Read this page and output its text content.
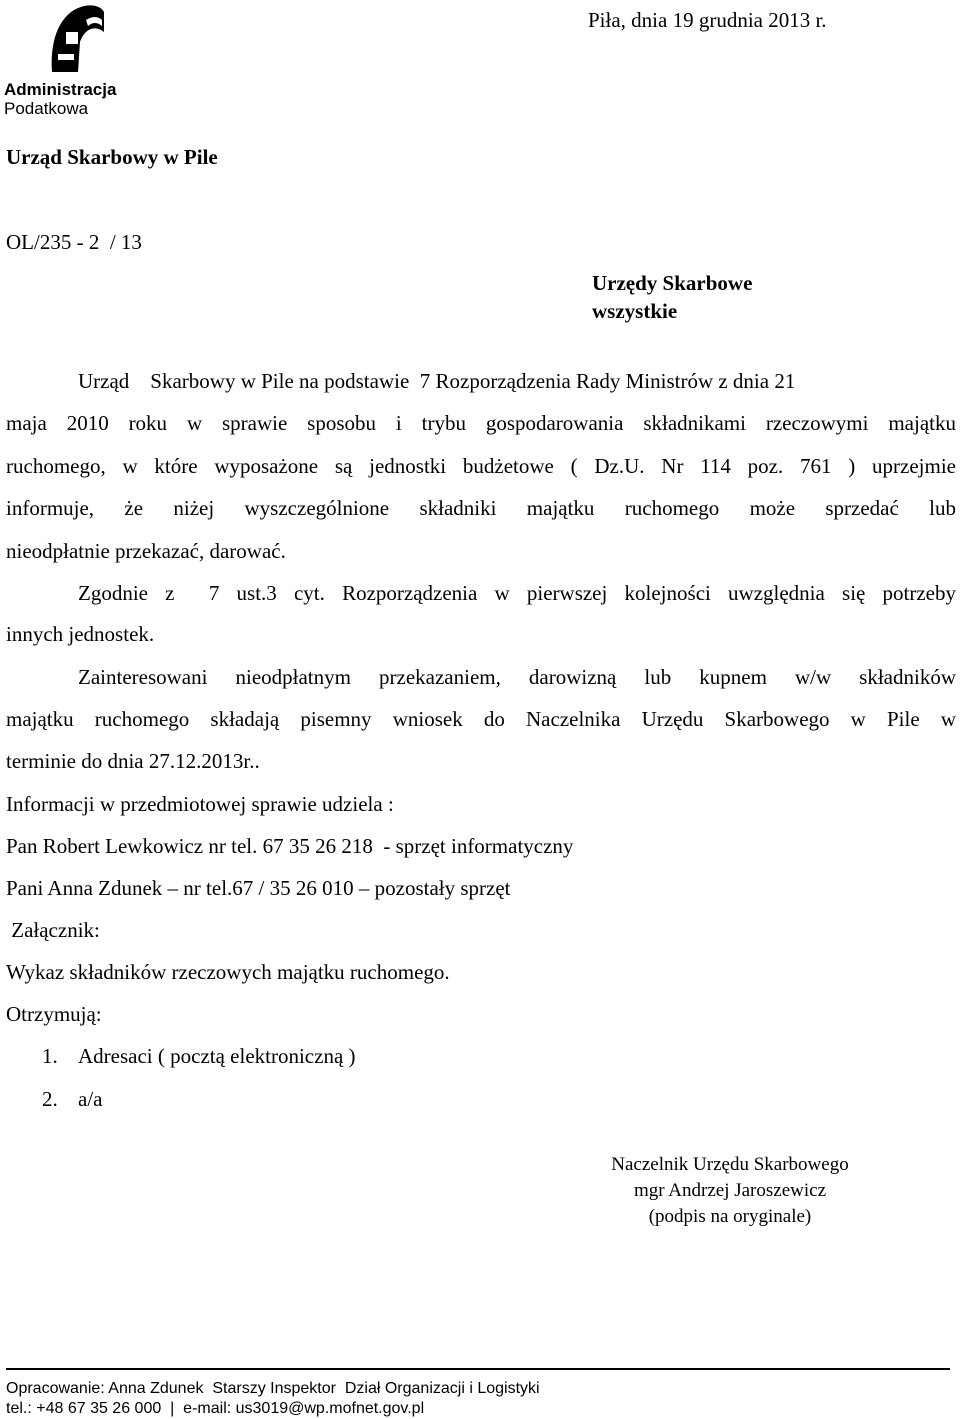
Administracja
Podatkowa
Piła, dnia 19 grudnia 2013 r.
Urząd Skarbowy w Pile
OL/235 - 2  / 13
Urzędy Skarbowe
wszystkie
Urząd    Skarbowy w Pile na podstawie  7 Rozporządzenia Rady Ministrów z dnia 21
maja 2010 roku w sprawie sposobu i trybu gospodarowania składnikami rzeczowymi majątku
ruchomego, w które wyposażone są jednostki budżetowe ( Dz.U. Nr 114 poz. 761 ) uprzejmie
informuje, że niżej wyszczególnione składniki majątku ruchomego może sprzedać lub
nieodpłatnie przekazać, darować.
Zgodnie z  7 ust.3 cyt. Rozporządzenia w pierwszej kolejności uwzględnia się potrzeby
innych jednostek.
Zainteresowani nieodpłatnym przekazaniem, darowizną lub kupnem w/w składników
majątku ruchomego składają pisemny wniosek do Naczelnika Urzędu Skarbowego w Pile w
terminie do dnia 27.12.2013r..
Informacji w przedmiotowej sprawie udziela :
Pan Robert Lewkowicz nr tel. 67 35 26 218  - sprzęt informatyczny
Pani Anna Zdunek – nr tel.67 / 35 26 010 – pozostały sprzęt
Załącznik:
Wykaz składników rzeczowych majątku ruchomego.
Otrzymują:
1. Adresaci ( pocztą elektroniczną )
2. a/a
Naczelnik Urzędu Skarbowego
mgr Andrzej Jaroszewicz
(podpis na oryginale)
Opracowanie: Anna Zdunek  Starszy Inspektor  Dział Organizacji i Logistyki
tel.: +48 67 35 26 000  |  e-mail: us3019@wp.mofnet.gov.pl
